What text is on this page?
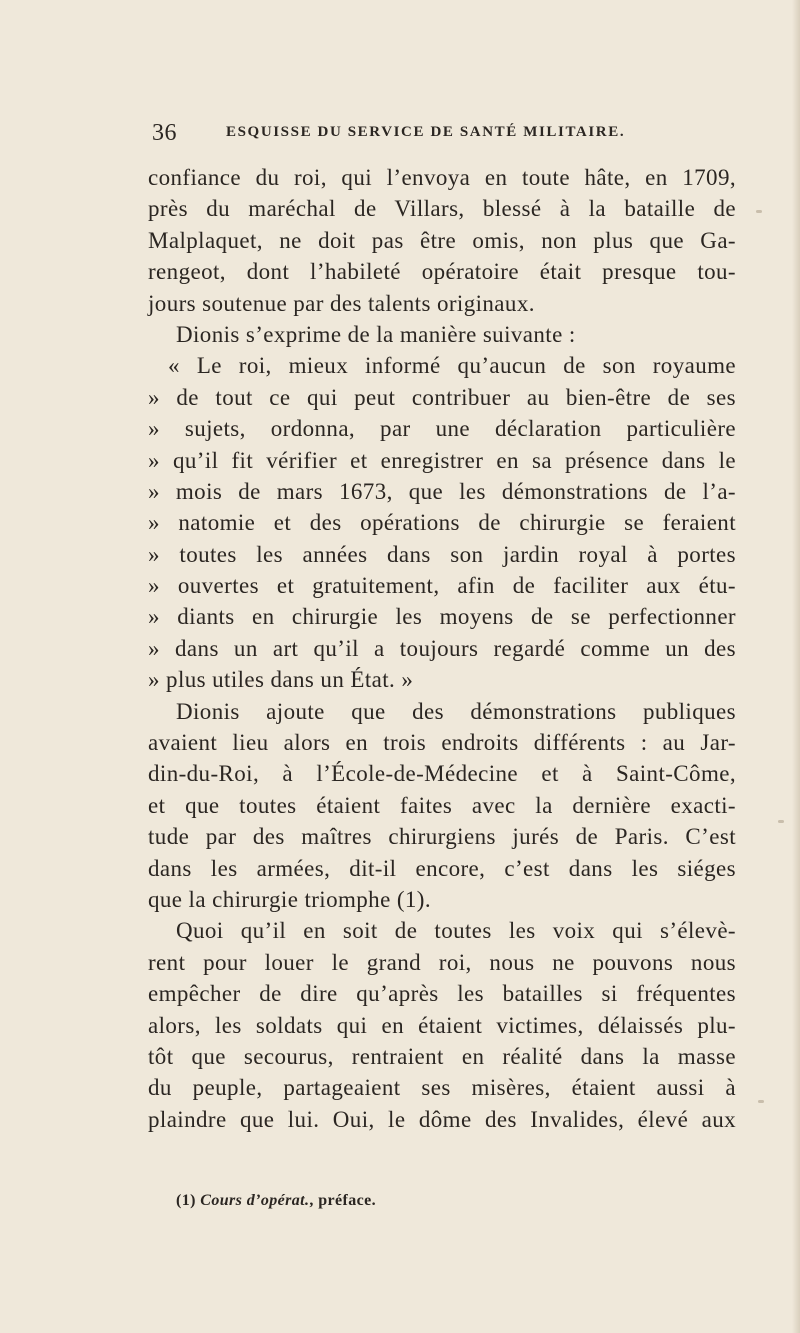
36	ESQUISSE DU SERVICE DE SANTÉ MILITAIRE.
confiance du roi, qui l’envoya en toute hâte, en 1709,
près du maréchal de Villars, blessé à la bataille de
Malplaquet, ne doit pas être omis, non plus que Ga-
rengeot, dont l’habileté opératoire était presque tou-
jours soutenue par des talents originaux.
Dionis s’exprime de la manière suivante :
« Le roi, mieux informé qu’aucun de son royaume
» de tout ce qui peut contribuer au bien-être de ses
» sujets, ordonna, par une déclaration particulière
» qu’il fit vérifier et enregistrer en sa présence dans le
» mois de mars 1673, que les démonstrations de l’a-
» natomie et des opérations de chirurgie se feraient
» toutes les années dans son jardin royal à portes
» ouvertes et gratuitement, afin de faciliter aux étu-
» diants en chirurgie les moyens de se perfectionner
» dans un art qu’il a toujours regardé comme un des
» plus utiles dans un État. »
Dionis ajoute que des démonstrations publiques
avaient lieu alors en trois endroits différents : au Jar-
din-du-Roi, à l’École-de-Médecine et à Saint-Côme,
et que toutes étaient faites avec la dernière exacti-
tude par des maîtres chirurgiens jurés de Paris. C’est
dans les armées, dit-il encore, c’est dans les siéges
que la chirurgie triomphe (1).
Quoi qu’il en soit de toutes les voix qui s’élevè-
rent pour louer le grand roi, nous ne pouvons nous
empêcher de dire qu’après les batailles si fréquentes
alors, les soldats qui en étaient victimes, délaissés plu-
tôt que secourus, rentraient en réalité dans la masse
du peuple, partageaient ses misères, étaient aussi à
plaindre que lui. Oui, le dôme des Invalides, élevé aux
(1) Cours d’opérat., préface.
